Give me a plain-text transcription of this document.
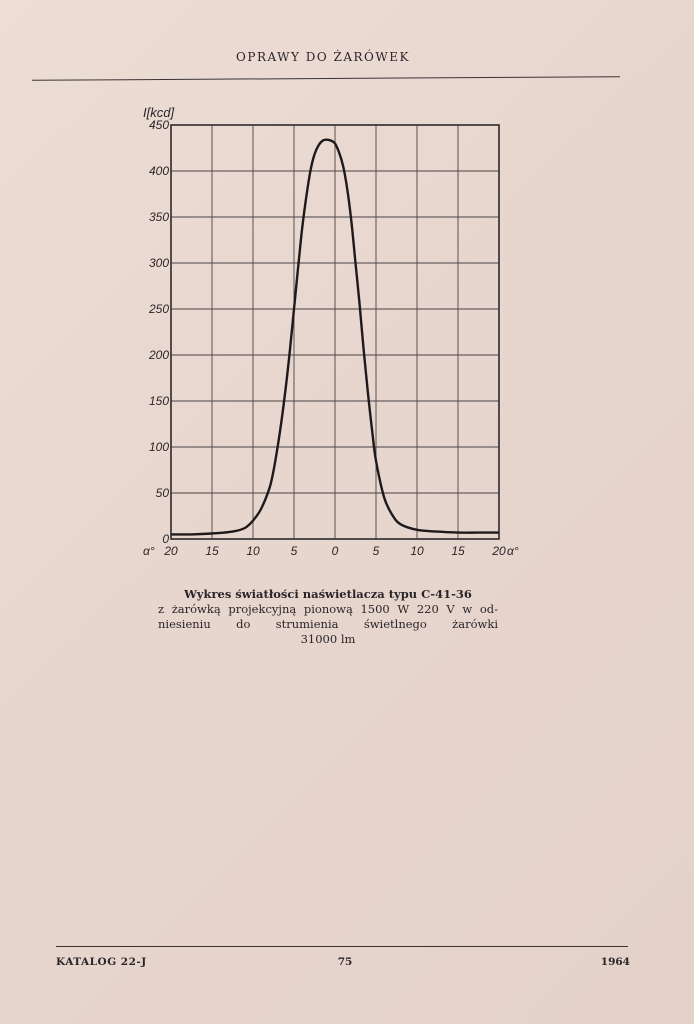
OPRAWY DO ŻARÓWEK
0
50
100
150
200
250
300
350
400
450
20 15 10	5	0	5	10 15 20
I[kcd]
α°	α°
Wykres światłości naświetlacza typu C-41-36
z żarówką projekcyjną pionową 1500 W 220 V w od-
niesieniu do strumienia świetlnego żarówki
31000 lm
KATALOG 22-J	75	1964
